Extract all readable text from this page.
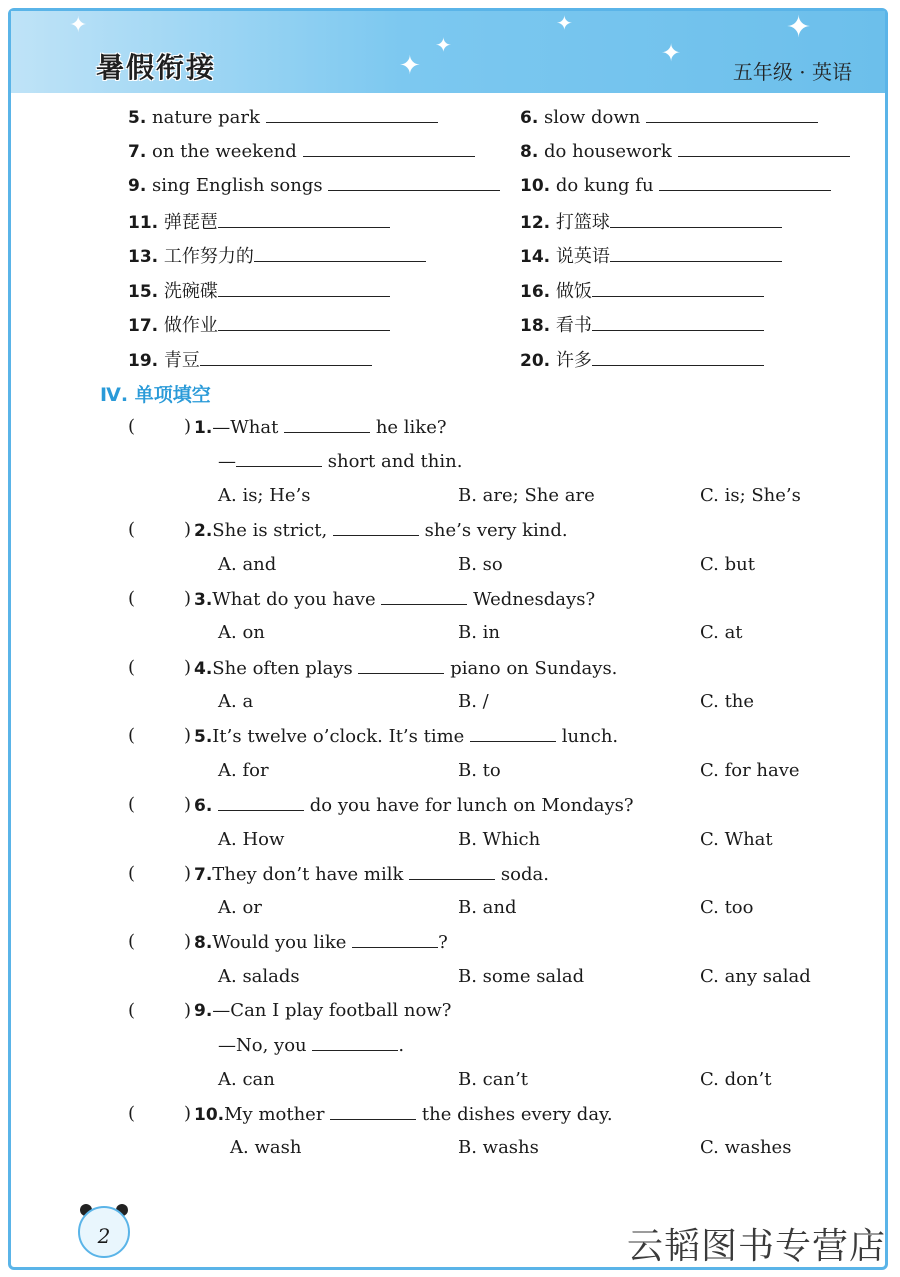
✦
✦
✦
✦
✦
✦
暑假衔接	五年级 · 英语
5. nature park	6. slow down
7. on the weekend	8. do housework
9. sing English songs	10. do kung fu
11. 弹琵琶	12. 打篮球
13. 工作努力的	14. 说英语
15. 洗碗碟	16. 做饭
17. 做作业	18. 看书
19. 青豆	20. 许多
Ⅳ. 单项填空
(	) 1.—What	he like?
—	short and thin.
A. is; He’s	B. are; She are	C. is; She’s
(	) 2.She is strict,	she’s very kind.
A. and	B. so	C. but
(	) 3.What do you have	Wednesdays?
A. on	B. in	C. at
(	) 4.She often plays	piano on Sundays.
A. a	B. /	C. the
(	) 5.It’s twelve o’clock. It’s time	lunch.
A. for	B. to	C. for have
(	) 6.	do you have for lunch on Mondays?
A. How	B. Which	C. What
(	) 7.They don’t have milk	soda.
A. or	B. and	C. too
(	) 8.Would you like	?
A. salads	B. some salad	C. any salad
(	) 9.—Can I play football now?
—No, you	.
A. can	B. can’t	C. don’t
(	) 10.My mother	the dishes every day.
A. wash	B. washs	C. washes
2	云韬图书专营店
